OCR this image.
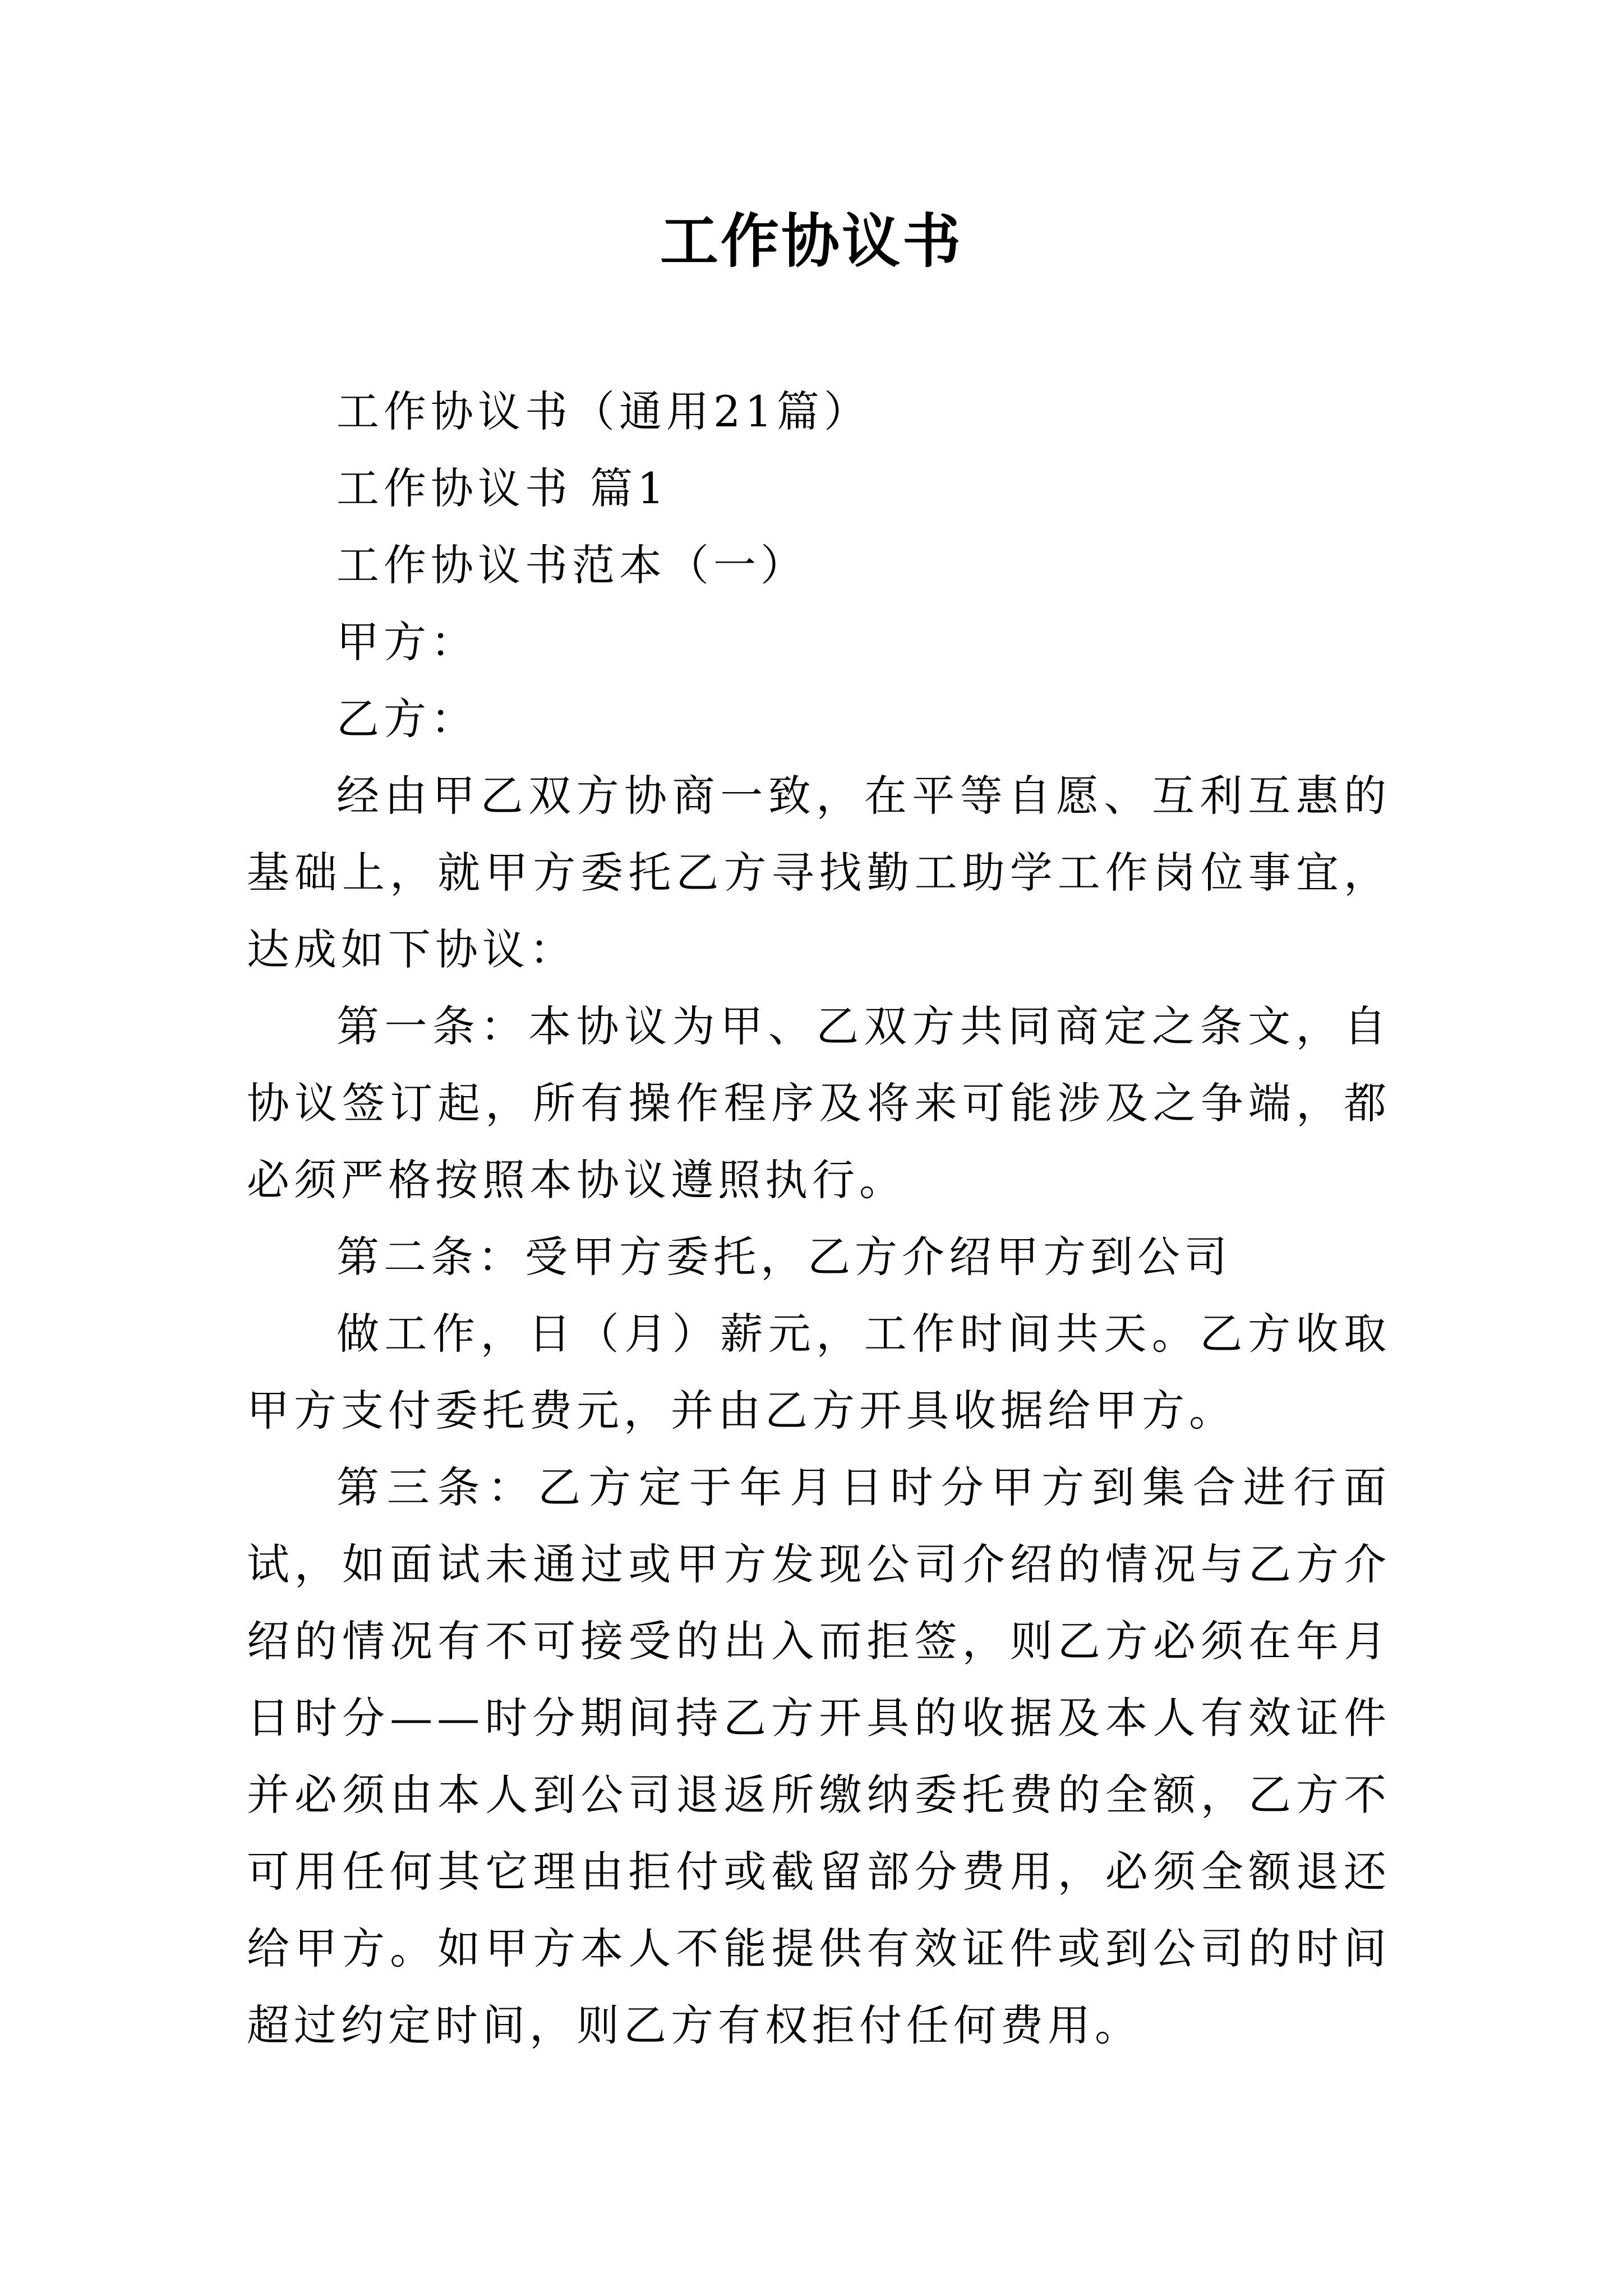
工作协议书

工作协议书（通用21篇）

工作协议书 篇1

工作协议书范本（一）

甲方：

乙方：

经由甲乙双方协商一致，在平等自愿、互利互惠的基础上，就甲方委托乙方寻找勤工助学工作岗位事宜，达成如下协议：

第一条：本协议为甲、乙双方共同商定之条文，自协议签订起，所有操作程序及将来可能涉及之争端，都必须严格按照本协议遵照执行。

第二条：受甲方委托，乙方介绍甲方到公司

做工作，日（月）薪元，工作时间共天。乙方收取甲方支付委托费元，并由乙方开具收据给甲方。

第三条：乙方定于年月日时分甲方到集合进行面试，如面试未通过或甲方发现公司介绍的情况与乙方介绍的情况有不可接受的出入而拒签，则乙方必须在年月日时分——时分期间持乙方开具的收据及本人有效证件并必须由本人到公司退返所缴纳委托费的全额，乙方不可用任何其它理由拒付或截留部分费用，必须全额退还给甲方。如甲方本人不能提供有效证件或到公司的时间超过约定时间，则乙方有权拒付任何费用。
